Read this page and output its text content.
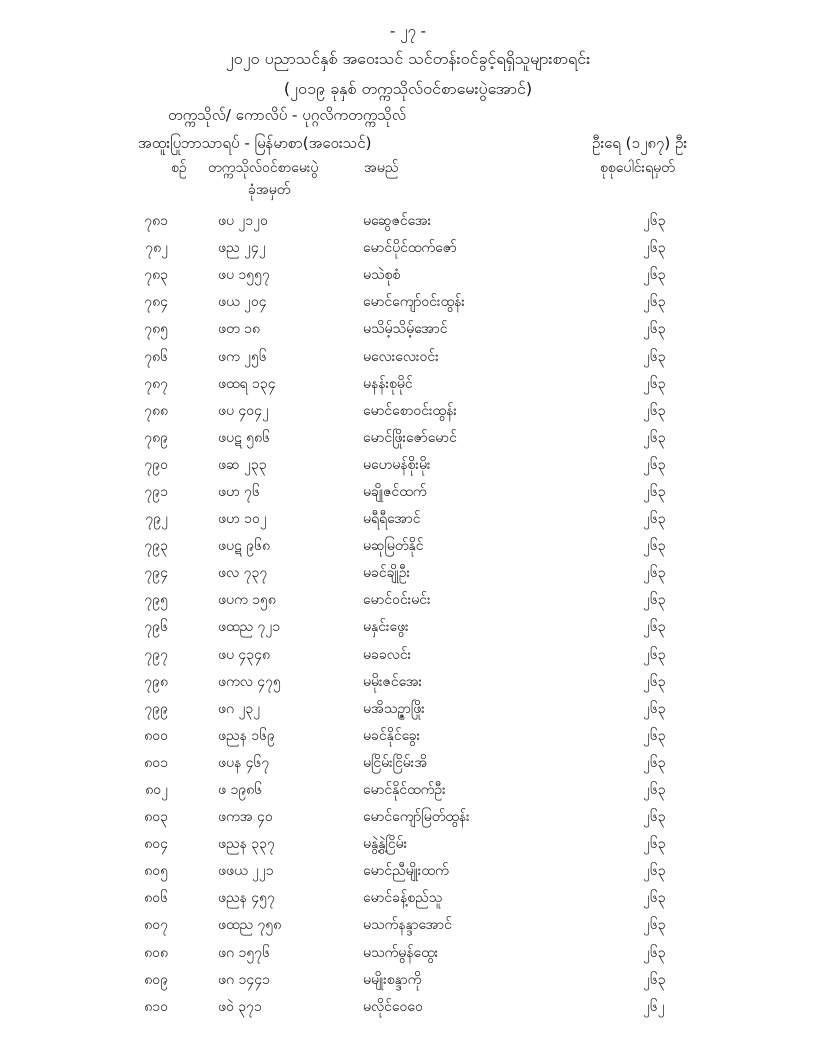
- ၂၇ -
၂၀၂၀ ပညာသင်နှစ် အဝေးသင် သင်တန်းဝင်ခွင့်ရရှိသူများစာရင်း
(၂၀၁၉ ခုနှစ် တက္ကသိုလ်ဝင်စာမေးပွဲအောင်)
တက္ကသိုလ်/ ကောလိပ် - ပုဂ္ဂလိကတက္ကသိုလ်
အထူးပြုဘာသာရပ် - မြန်မာစာ(အဝေးသင်)	ဦးရေ (၁၂၈၇) ဦး
စဉ် တက္ကသိုလ်ဝင်စာမေးပွဲ
ခုံအမှတ်
အမည်	စုစုပေါင်းရမှတ်
၇၈၁		ဖပ ၂၁၂၀	မဆွေဇင်အေး	၂၆၃
၇၈၂		ဖည ၂၄၂	မောင်ပိုင်ထက်ဇော်	၂၆၃
၇၈၃		ဖပ ၁၅၅၇	မသဲစုစံ	၂၆၃
၇၈၄		ဖယ ၂၀၄	မောင်ကျော်ဝင်းထွန်း	၂၆၃
၇၈၅		ဖတ ၁၈	မသိမ့်သိမ့်အောင်	၂၆၃
၇၈၆		ဖက ၂၅၆	မလေးလေးဝင်း	၂၆၃
၇၈၇		ဖထရ ၁၃၄	မနန်းစုမိုင်	၂၆၃
၇၈၈		ဖပ ၄၀၄၂	မောင်စောဝင်းထွန်း	၂၆၃
၇၈၉		ဖပဋ ၅၈၆	မောင်ဖြိုးဇော်မောင်	၂၆၃
၇၉၀		ဖဆ ၂၃၃	မဟေမန်စိုးမိုး	၂၆၃
၇၉၁		ဖဟ ၇၆	မချိုဇင်ထက်	၂၆၃
၇၉၂		ဖဟ ၁၀၂	မရီရီအောင်	၂၆၃
၇၉၃		ဖပဋ ၉၆၈	မဆုမြတ်နိုင်	၂၆၃
၇၉၄		ဖလ ၇၃၇	မခင်ချိုဦး	၂၆၃
၇၉၅		ဖပက ၁၅၈	မောင်ဝင်းမင်း	၂၆၃
၇၉၆		ဖထည ၇၂၁	မနှင်းဖွေး	၂၆၃
၇၉၇		ဖပ ၄၃၄၈	မခခလင်း	၂၆၃
၇၉၈		ဖကလ ၄၇၅	မမိုးဇင်အေး	၂၆၃
၇၉၉		ဖဂ ၂၃၂	မအိသဉ္ဇာဖြိုး	၂၆၃
၈၀၀		ဖညန ၁၆၉	မခင်နိုင်ခွေး	၂၆၃
၈၀၁		ဖပန ၄၆၇	မငြိမ်းငြိမ်းအိ	၂၆၃
၈၀၂		ဖ ၁၉၈၆	မောင်နိုင်ထက်ဦး	၂၆၃
၈၀၃		ဖကအ ၄၀	မောင်ကျော်မြတ်ထွန်း	၂၆၃
၈၀၄		ဖညန ၃၃၇	မနွဲ့နွဲ့ငြိမ်း	၂၆၃
၈၀၅		ဖဖယ ၂၂၁	မောင်ညီမျိုးထက်	၂၆၃
၈၀၆		ဖညန ၄၅၇	မောင်ခန့်စည်သူ	၂၆၃
၈၀၇		ဖထည ၇၅၈	မသက်နန္ဒာအောင်	၂၆၃
၈၀၈		ဖဂ ၁၅၇၆	မသက်မွန်ထွေး	၂၆၃
၈၀၉		ဖဂ ၁၄၄၁	မမျိုးစန္ဒာကို	၂၆၃
၈၁၀		ဖဝဲ ၃၇၁	မလိုင်ဝေဝေ	၂၆၂
